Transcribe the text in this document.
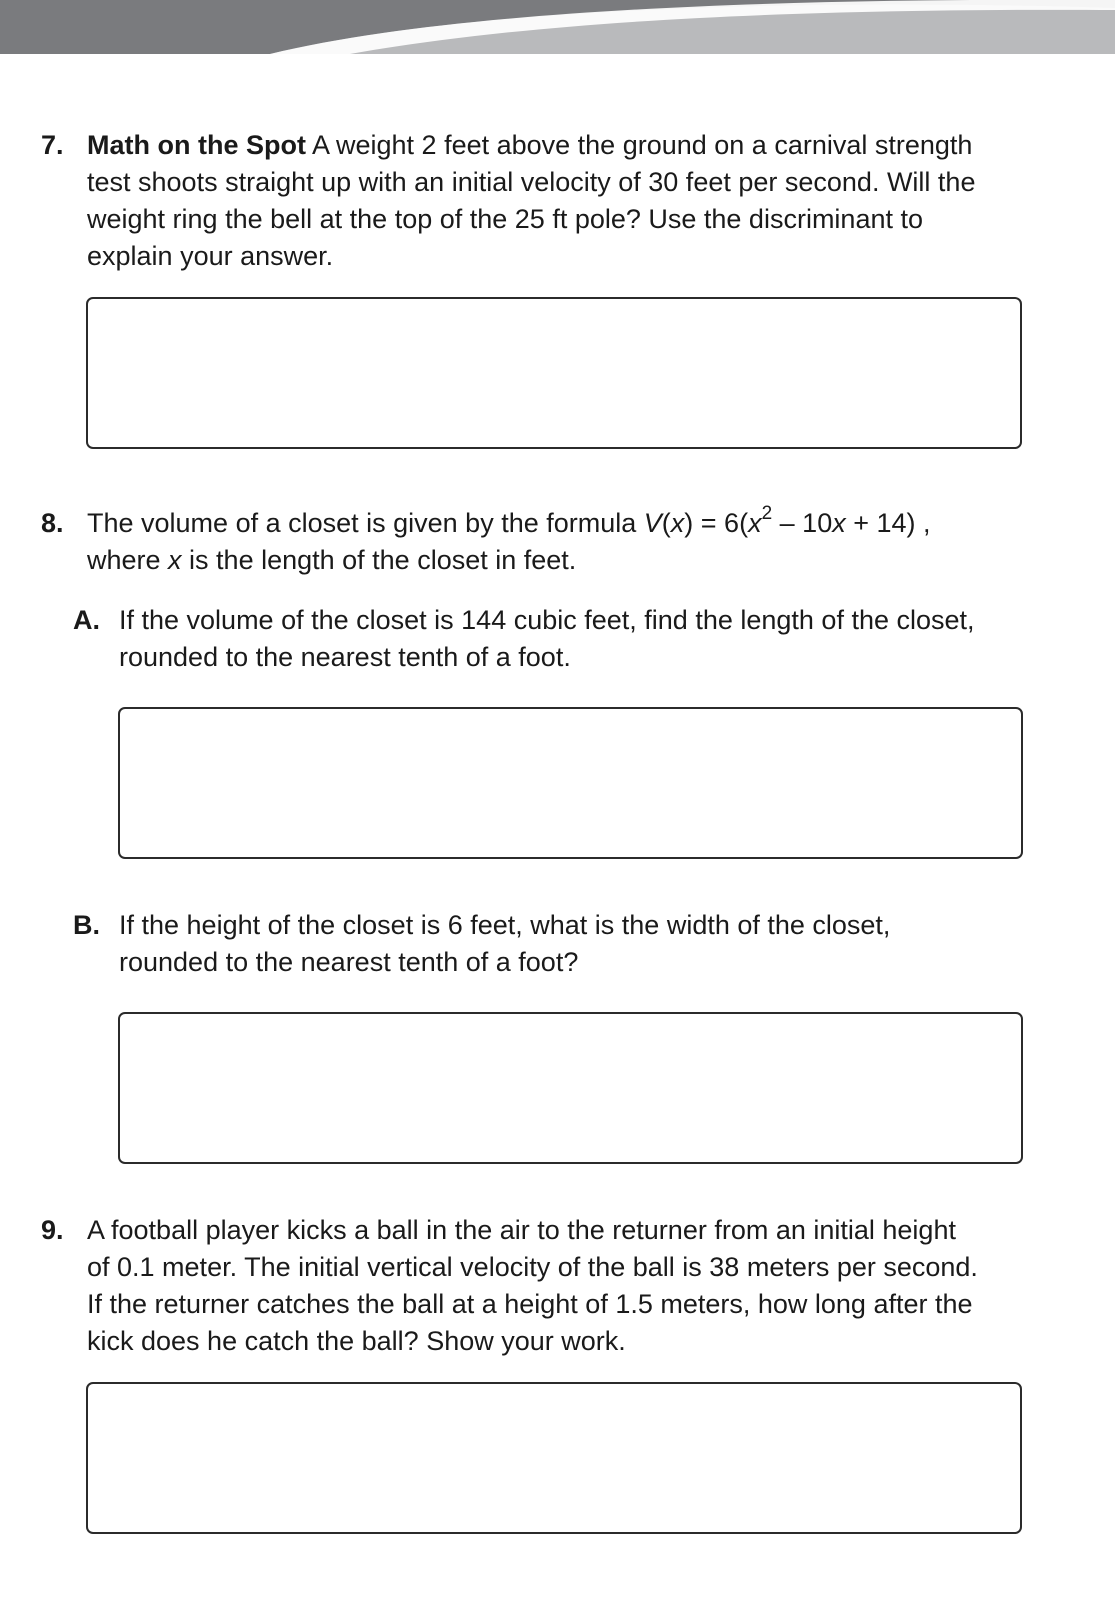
7. Math on the Spot A weight 2 feet above the ground on a carnival strength
test shoots straight up with an initial velocity of 30 feet per second. Will the
weight ring the bell at the top of the 25 ft pole? Use the discriminant to
explain your answer.
8. The volume of a closet is given by the formula $V(x) = 6(x^2 - 10x + 14)$ ,
where x is the length of the closet in feet.
A. If the volume of the closet is 144 cubic feet, find the length of the closet,
rounded to the nearest tenth of a foot.
B. If the height of the closet is 6 feet, what is the width of the closet,
rounded to the nearest tenth of a foot?
9. A football player kicks a ball in the air to the returner from an initial height
of 0.1 meter. The initial vertical velocity of the ball is 38 meters per second.
If the returner catches the ball at a height of 1.5 meters, how long after the
kick does he catch the ball? Show your work.
